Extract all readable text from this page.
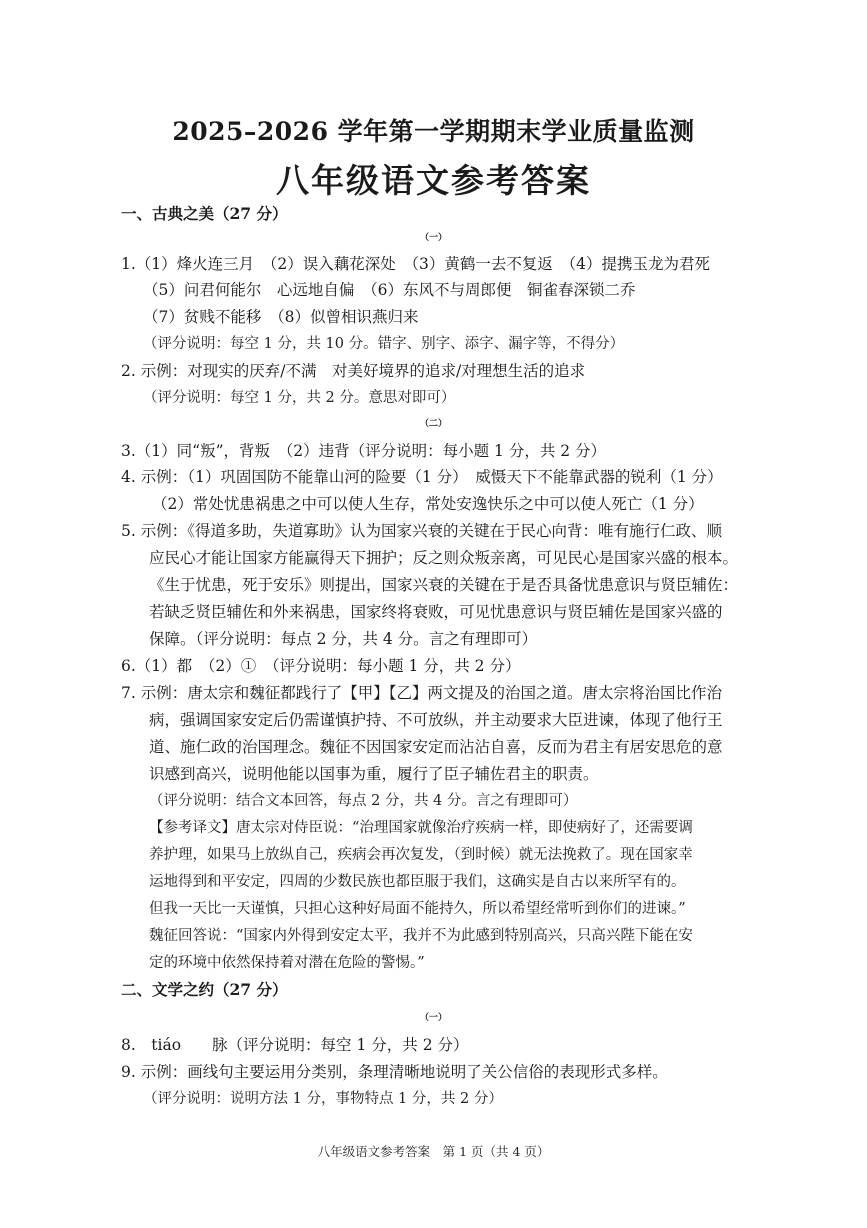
2025–2026 学年第一学期期末学业质量监测
八年级语文参考答案
一、古典之美（27 分）
（一）
1.（1）烽火连三月　（2）误入藕花深处　（3）黄鹤一去不复返　（4）提携玉龙为君死
（5）问君何能尔　心远地自偏　（6）东风不与周郎便　铜雀春深锁二乔
（7）贫贱不能移　（8）似曾相识燕归来
（评分说明：每空 1 分，共 10 分。错字、别字、添字、漏字等，不得分）
2. 示例：对现实的厌弃/不满　对美好境界的追求/对理想生活的追求
（评分说明：每空 1 分，共 2 分。意思对即可）
（二）
3.（1）同“叛”，背叛　（2）违背（评分说明：每小题 1 分，共 2 分）
4. 示例：（1）巩固国防不能靠山河的险要（1 分）　威慑天下不能靠武器的锐利（1 分）
（2）常处忧患祸患之中可以使人生存，常处安逸快乐之中可以使人死亡（1 分）
5. 示例：《得道多助，失道寡助》认为国家兴衰的关键在于民心向背：唯有施行仁政、顺
应民心才能让国家方能赢得天下拥护；反之则众叛亲离，可见民心是国家兴盛的根本。
《生于忧患，死于安乐》则提出，国家兴衰的关键在于是否具备忧患意识与贤臣辅佐：
若缺乏贤臣辅佐和外来祸患，国家终将衰败，可见忧患意识与贤臣辅佐是国家兴盛的
保障。（评分说明：每点 2 分，共 4 分。言之有理即可）
6.（1）都　（2）①　（评分说明：每小题 1 分，共 2 分）
7. 示例：唐太宗和魏征都践行了【甲】【乙】两文提及的治国之道。唐太宗将治国比作治
病，强调国家安定后仍需谨慎护持、不可放纵，并主动要求大臣进谏，体现了他行王
道、施仁政的治国理念。魏征不因国家安定而沾沾自喜，反而为君主有居安思危的意
识感到高兴，说明他能以国事为重，履行了臣子辅佐君主的职责。
（评分说明：结合文本回答，每点 2 分，共 4 分。言之有理即可）
【参考译文】唐太宗对侍臣说：“治理国家就像治疗疾病一样，即使病好了，还需要调
养护理，如果马上放纵自己，疾病会再次复发，（到时候）就无法挽救了。现在国家幸
运地得到和平安定，四周的少数民族也都臣服于我们，这确实是自古以来所罕有的。
但我一天比一天谨慎，只担心这种好局面不能持久，所以希望经常听到你们的进谏。”
魏征回答说：“国家内外得到安定太平，我并不为此感到特别高兴，只高兴陛下能在安
定的环境中依然保持着对潜在危险的警惕。”
二、文学之约（27 分）
（一）
8.　tiáo　　脉（评分说明：每空 1 分，共 2 分）
9. 示例：画线句主要运用分类别，条理清晰地说明了关公信俗的表现形式多样。
（评分说明：说明方法 1 分，事物特点 1 分，共 2 分）
八年级语文参考答案　第 1 页（共 4 页）
